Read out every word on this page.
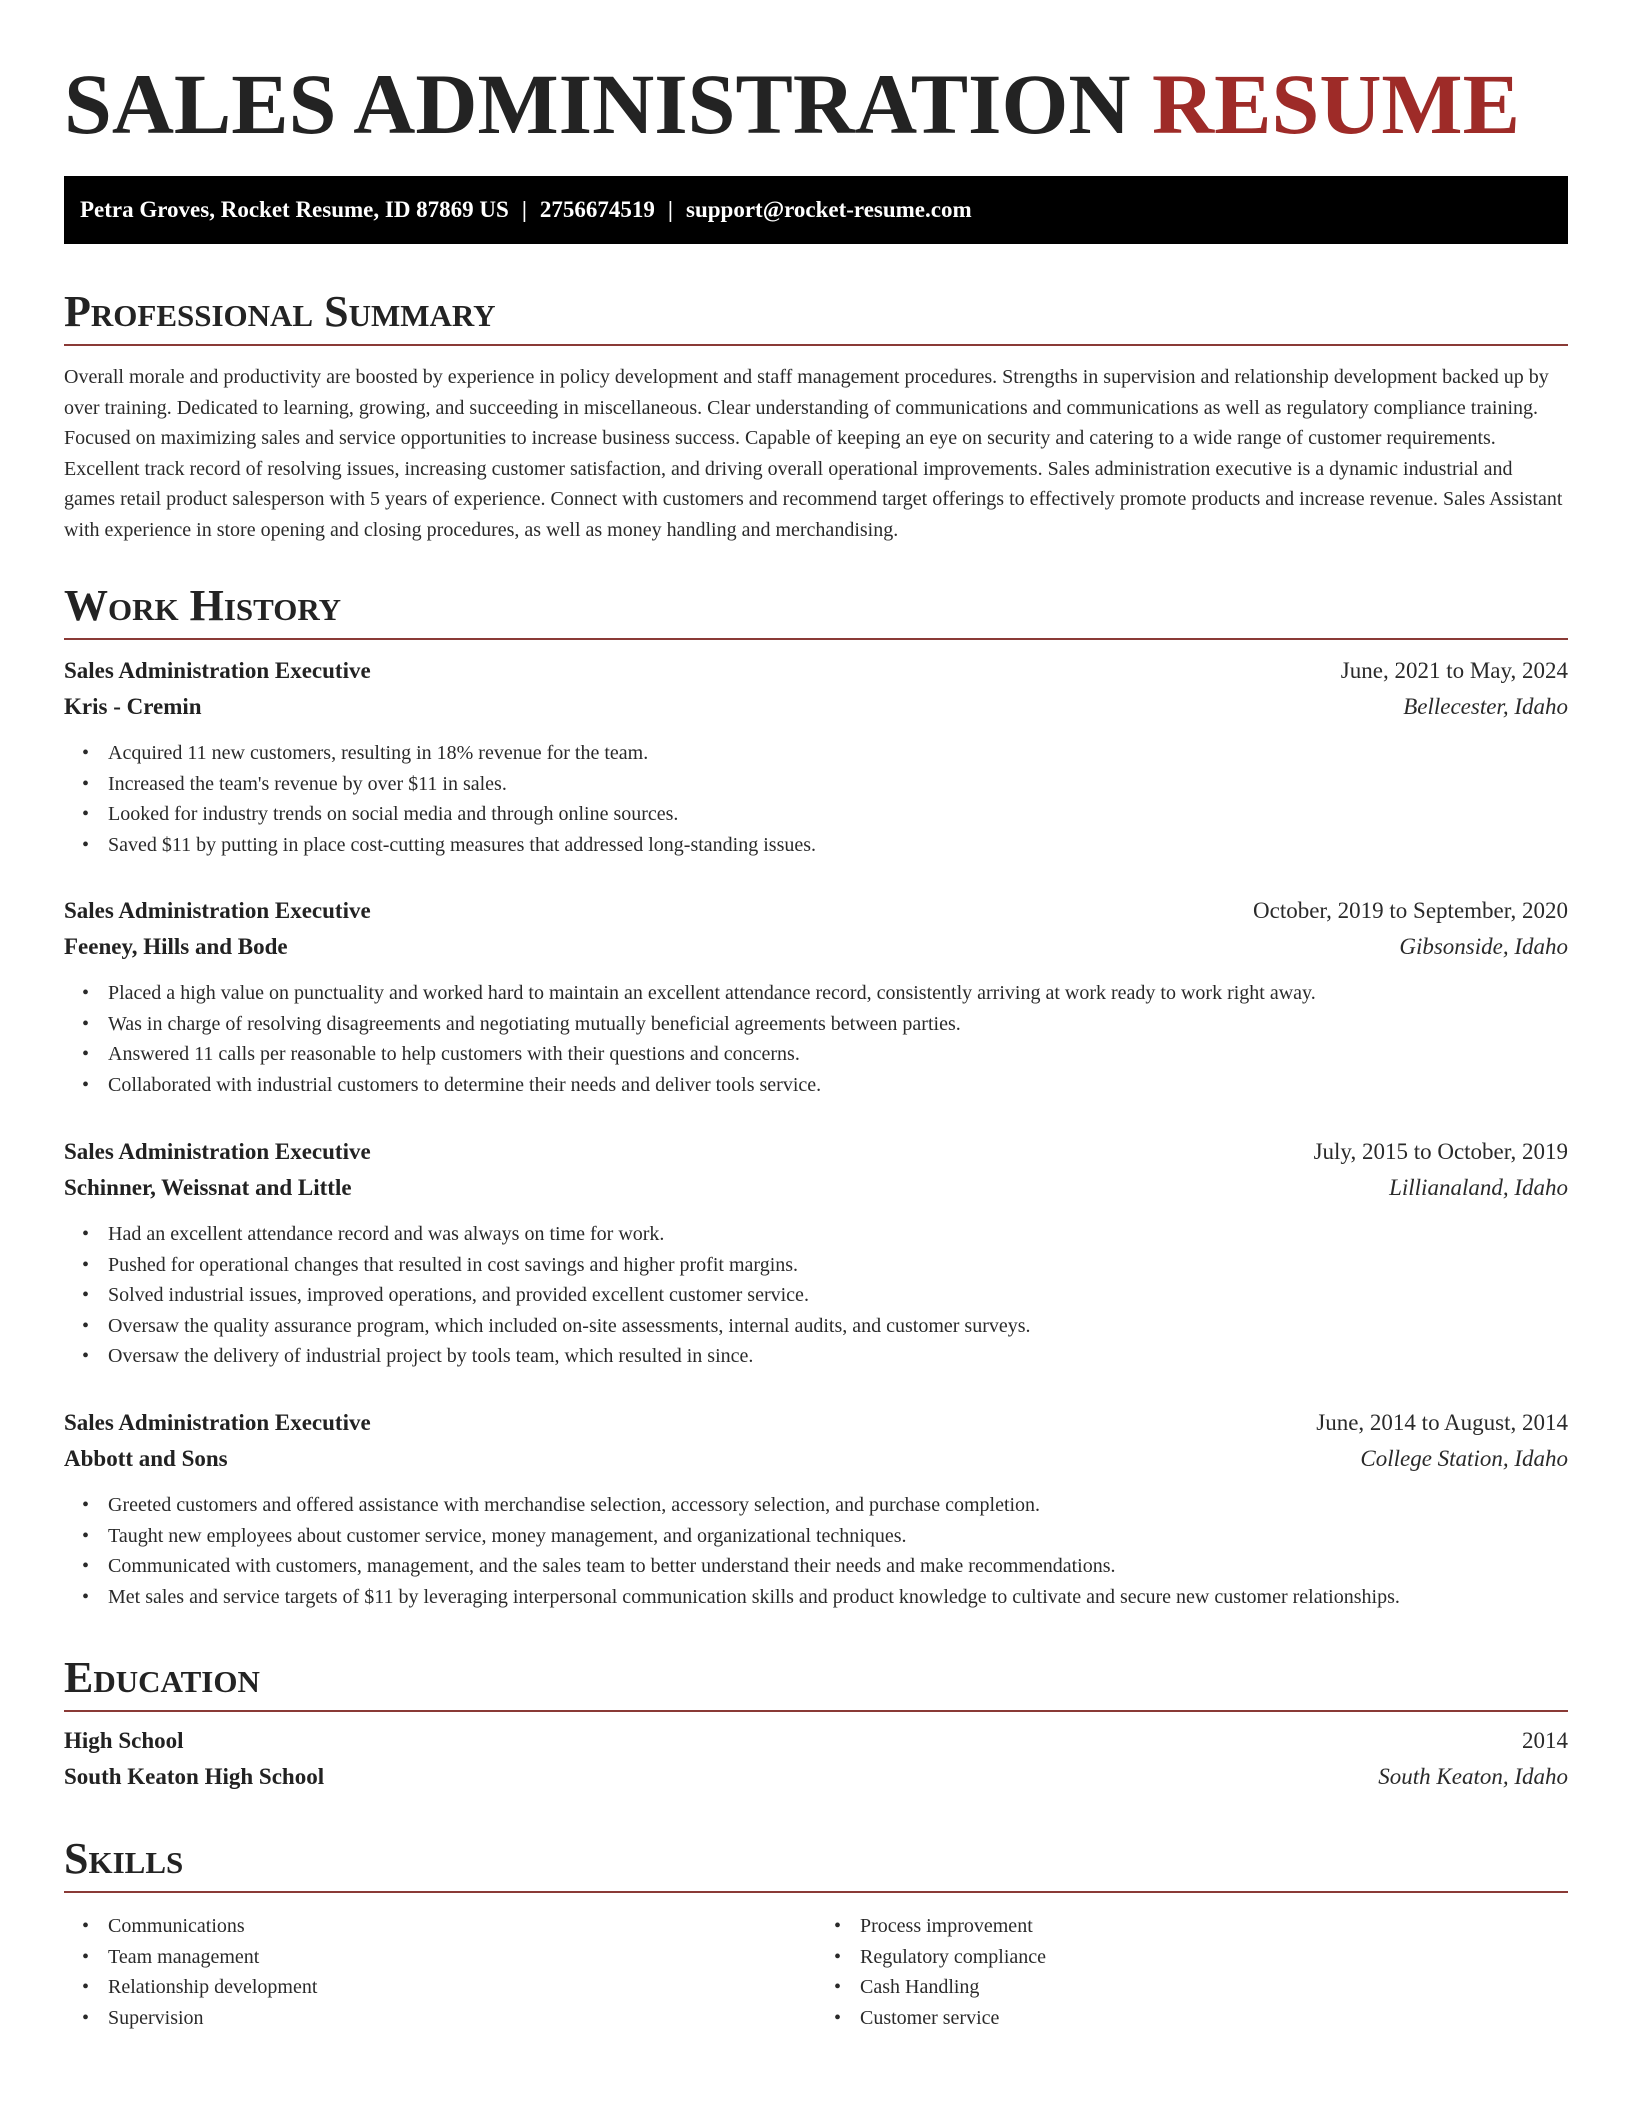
SALES ADMINISTRATION RESUME
Petra Groves, Rocket Resume, ID 87869 US | 2756674519 | support@rocket-resume.com
Professional Summary

Overall morale and productivity are boosted by experience in policy development and staff management procedures. Strengths in supervision and relationship development backed up by over training. Dedicated to learning, growing, and succeeding in miscellaneous. Clear understanding of communications and communications as well as regulatory compliance training. Focused on maximizing sales and service opportunities to increase business success. Capable of keeping an eye on security and catering to a wide range of customer requirements. Excellent track record of resolving issues, increasing customer satisfaction, and driving overall operational improvements. Sales administration executive is a dynamic industrial and games retail product salesperson with 5 years of experience. Connect with customers and recommend target offerings to effectively promote products and increase revenue. Sales Assistant with experience in store opening and closing procedures, as well as money handling and merchandising.

Work History
Sales Administration Executive	June, 2021 to May, 2024
Kris - Cremin	Bellecester, Idaho
• Acquired 11 new customers, resulting in 18% revenue for the team.
• Increased the team's revenue by over $11 in sales.
• Looked for industry trends on social media and through online sources.
• Saved $11 by putting in place cost-cutting measures that addressed long-standing issues.
Sales Administration Executive	October, 2019 to September, 2020
Feeney, Hills and Bode	Gibsonside, Idaho
• Placed a high value on punctuality and worked hard to maintain an excellent attendance record, consistently arriving at work ready to work right away.
• Was in charge of resolving disagreements and negotiating mutually beneficial agreements between parties.
• Answered 11 calls per reasonable to help customers with their questions and concerns.
• Collaborated with industrial customers to determine their needs and deliver tools service.
Sales Administration Executive	July, 2015 to October, 2019
Schinner, Weissnat and Little	Lillianaland, Idaho
• Had an excellent attendance record and was always on time for work.
• Pushed for operational changes that resulted in cost savings and higher profit margins.
• Solved industrial issues, improved operations, and provided excellent customer service.
• Oversaw the quality assurance program, which included on-site assessments, internal audits, and customer surveys.
• Oversaw the delivery of industrial project by tools team, which resulted in since.
Sales Administration Executive	June, 2014 to August, 2014
Abbott and Sons	College Station, Idaho
• Greeted customers and offered assistance with merchandise selection, accessory selection, and purchase completion.
• Taught new employees about customer service, money management, and organizational techniques.
• Communicated with customers, management, and the sales team to better understand their needs and make recommendations.
• Met sales and service targets of $11 by leveraging interpersonal communication skills and product knowledge to cultivate and secure new customer relationships.
Education
High School	2014
South Keaton High School	South Keaton, Idaho
Skills
• Communications
• Team management
• Relationship development
• Supervision
• Process improvement
• Regulatory compliance
• Cash Handling
• Customer service
